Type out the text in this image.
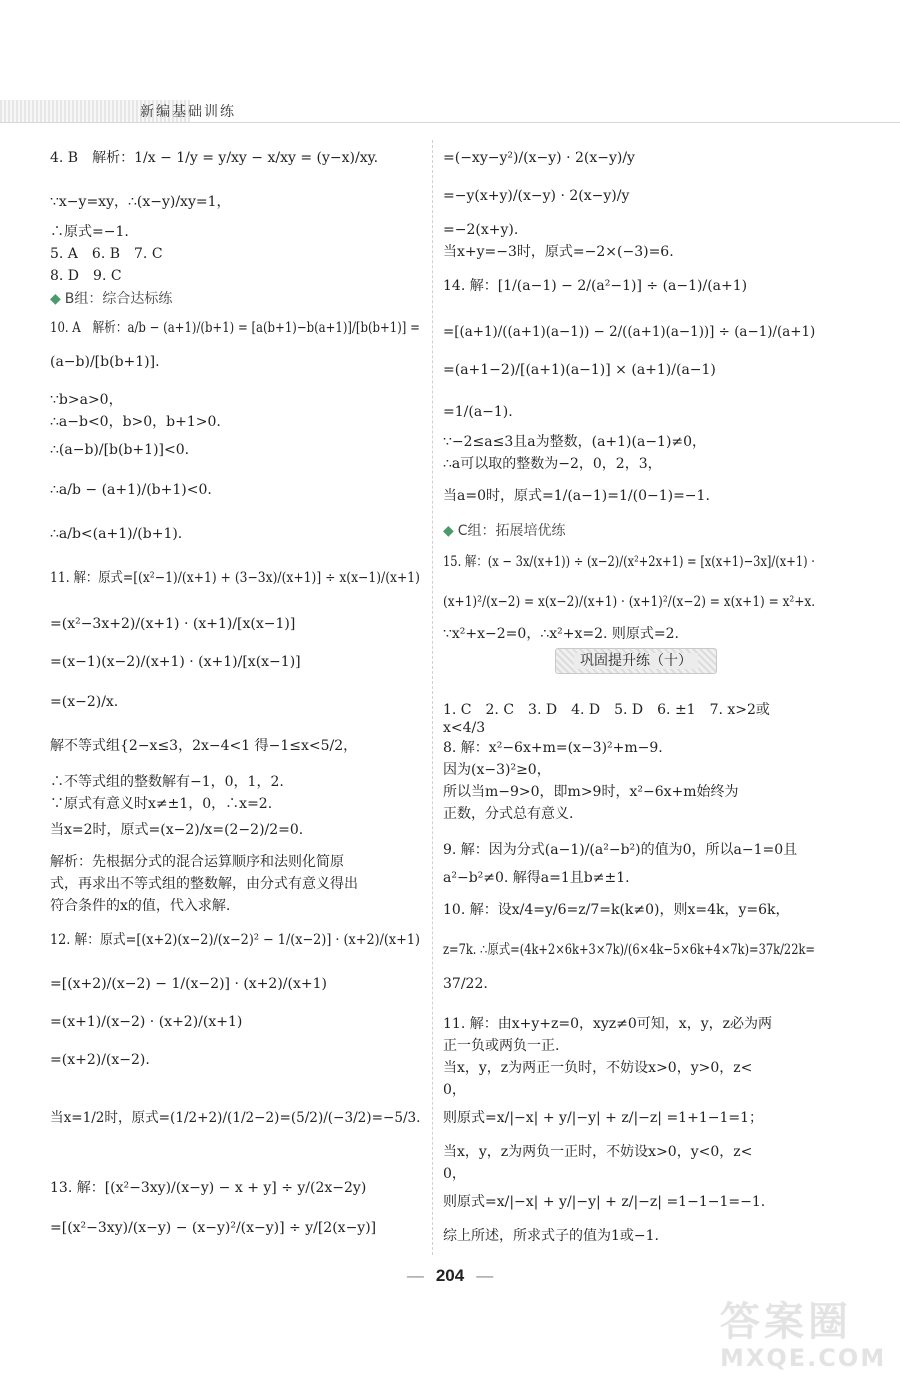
新编基础训练
◆ B组：综合达标练
4. B　解析：1/x − 1/y = y/xy − x/xy = (y−x)/xy.
∵x−y=xy，∴(x−y)/xy=1，
∴原式=−1.
5. A　6. B　7. C
8. D　9. C
10. A　解析：a/b − (a+1)/(b+1) = [a(b+1)−b(a+1)]/[b(b+1)] =
(a−b)/[b(b+1)].
∵b>a>0，
∴a−b<0，b>0，b+1>0.
∴(a−b)/[b(b+1)]<0.
∴a/b − (a+1)/(b+1)<0.
∴a/b<(a+1)/(b+1).
11. 解：原式=[(x²−1)/(x+1) + (3−3x)/(x+1)] ÷ x(x−1)/(x+1)
=(x²−3x+2)/(x+1) · (x+1)/[x(x−1)]
=(x−1)(x−2)/(x+1) · (x+1)/[x(x−1)]
=(x−2)/x.
解不等式组{2−x≤3，2x−4<1 得−1≤x<5/2，
∴不等式组的整数解有−1，0，1，2.
∵原式有意义时x≠±1，0，∴x=2.
当x=2时，原式=(x−2)/x=(2−2)/2=0.
解析：先根据分式的混合运算顺序和法则化简原
式，再求出不等式组的整数解，由分式有意义得出
符合条件的x的值，代入求解.
12. 解：原式=[(x+2)(x−2)/(x−2)² − 1/(x−2)] · (x+2)/(x+1)
=[(x+2)/(x−2) − 1/(x−2)] · (x+2)/(x+1)
=(x+1)/(x−2) · (x+2)/(x+1)
=(x+2)/(x−2).
当x=1/2时，原式=(1/2+2)/(1/2−2)=(5/2)/(−3/2)=−5/3.
13. 解：[(x²−3xy)/(x−y) − x + y] ÷ y/(2x−2y)
=[(x²−3xy)/(x−y) − (x−y)²/(x−y)] ÷ y/[2(x−y)]
◆ C组：拓展培优练
=(−xy−y²)/(x−y) · 2(x−y)/y
=−y(x+y)/(x−y) · 2(x−y)/y
=−2(x+y).
当x+y=−3时，原式=−2×(−3)=6.
14. 解：[1/(a−1) − 2/(a²−1)] ÷ (a−1)/(a+1)
=[(a+1)/((a+1)(a−1)) − 2/((a+1)(a−1))] ÷ (a−1)/(a+1)
=(a+1−2)/[(a+1)(a−1)] × (a+1)/(a−1)
=1/(a−1).
∵−2≤a≤3且a为整数，(a+1)(a−1)≠0，
∴a可以取的整数为−2，0，2，3，
当a=0时，原式=1/(a−1)=1/(0−1)=−1.
15. 解：(x − 3x/(x+1)) ÷ (x−2)/(x²+2x+1) = [x(x+1)−3x]/(x+1) ·
(x+1)²/(x−2) = x(x−2)/(x+1) · (x+1)²/(x−2) = x(x+1) = x²+x.
∵x²+x−2=0，∴x²+x=2. 则原式=2.
1. C　2. C　3. D　4. D　5. D　6. ±1　7. x>2或
x<4/3
8. 解：x²−6x+m=(x−3)²+m−9.
因为(x−3)²≥0，
所以当m−9>0，即m>9时，x²−6x+m始终为
正数，分式总有意义.
9. 解：因为分式(a−1)/(a²−b²)的值为0，所以a−1=0且
a²−b²≠0. 解得a=1且b≠±1.
10. 解：设x/4=y/6=z/7=k(k≠0)，则x=4k，y=6k，
z=7k. ∴原式=(4k+2×6k+3×7k)/(6×4k−5×6k+4×7k)=37k/22k=
37/22.
11. 解：由x+y+z=0，xyz≠0可知，x，y，z必为两
正一负或两负一正.
当x，y，z为两正一负时，不妨设x>0，y>0，z<
0，
则原式=x/|−x| + y/|−y| + z/|−z| =1+1−1=1；
当x，y，z为两负一正时，不妨设x>0，y<0，z<
0，
则原式=x/|−x| + y/|−y| + z/|−z| =1−1−1=−1.
综上所述，所求式子的值为1或−1.
巩固提升练（十）
— 204 —
答案圈
MXQE.COM
